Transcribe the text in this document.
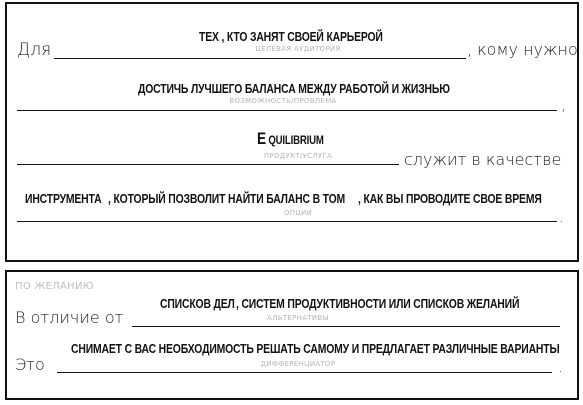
Для
ТЕХ , КТО ЗАНЯТ СВОЕЙ КАРЬЕРОЙ
ЦЕЛЕВАЯ АУДИТОРИЯ	, кому нужно
ДОСТИЧЬ ЛУЧШЕГО БАЛАНСА МЕЖДУ РАБОТОЙ И ЖИЗНЬЮ
ВОЗМОЖНОСТЬ/ПРОБЛЕМА	,
E QUILIBRIUM
ПРОДУКТ/УСЛУГА	служит в качестве
ИНСТРУМЕНТА , КОТОРЫЙ ПОЗВОЛИТ НАЙТИ БАЛАНС В ТОМ , КАК ВЫ ПРОВОДИТЕ СВОЕ ВРЕМЯ
ОПЦИИ	.
ПО ЖЕЛАНИЮ
В отличие от
СПИСКОВ ДЕЛ , СИСТЕМ ПРОДУКТИВНОСТИ ИЛИ СПИСКОВ ЖЕЛАНИЙ
АЛЬТЕРНАТИВЫ
Это
СНИМАЕТ С ВАС НЕОБХОДИМОСТЬ РЕШАТЬ САМОМУ И ПРЕДЛАГАЕТ РАЗЛИЧНЫЕ ВАРИАНТЫ
ДИФФЕРЕНЦИАТОР	.
